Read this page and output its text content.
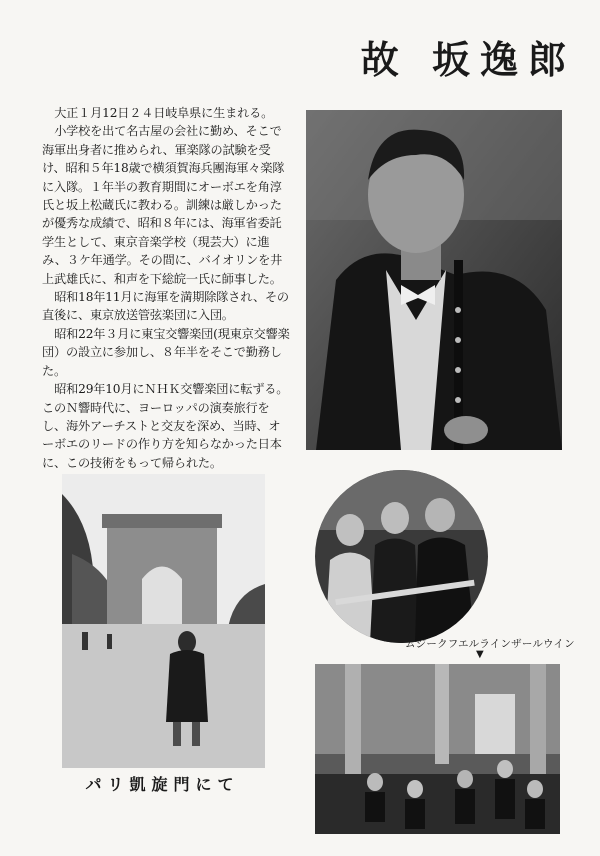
故 坂逸郎

大正１月12日２４日岐阜県に生まれる。

小学校を出て名古屋の会社に勤め、そこで海軍出身者に推められ、軍楽隊の試験を受け、昭和５年18歳で横須賀海兵團海軍々楽隊に入隊。１年半の教育期間にオーボエを角淳氏と坂上松蔵氏に教わる。訓練は厳しかったが優秀な成績で、昭和８年には、海軍省委託学生として、東京音楽学校（現芸大）に進み、３ケ年通学。その間に、バイオリンを井上武雄氏に、和声を下総皖一氏に師事した。

昭和18年11月に海軍を満期除隊され、その直後に、東京放送管弦楽団に入団。

昭和22年３月に東宝交響楽団(現東京交響楽団）の設立に参加し、８年半をそこで勤務した。

昭和29年10月にＮＨＫ交響楽団に転ずる。このＮ響時代に、ヨーロッパの演奏旅行をし、海外アーチストと交友を深め、当時、オーボエのリードの作り方を知らなかった日本に、この技術をもって帰られた。

ムジークフエルラインザールウイン
▼
パリ凱旋門にて
